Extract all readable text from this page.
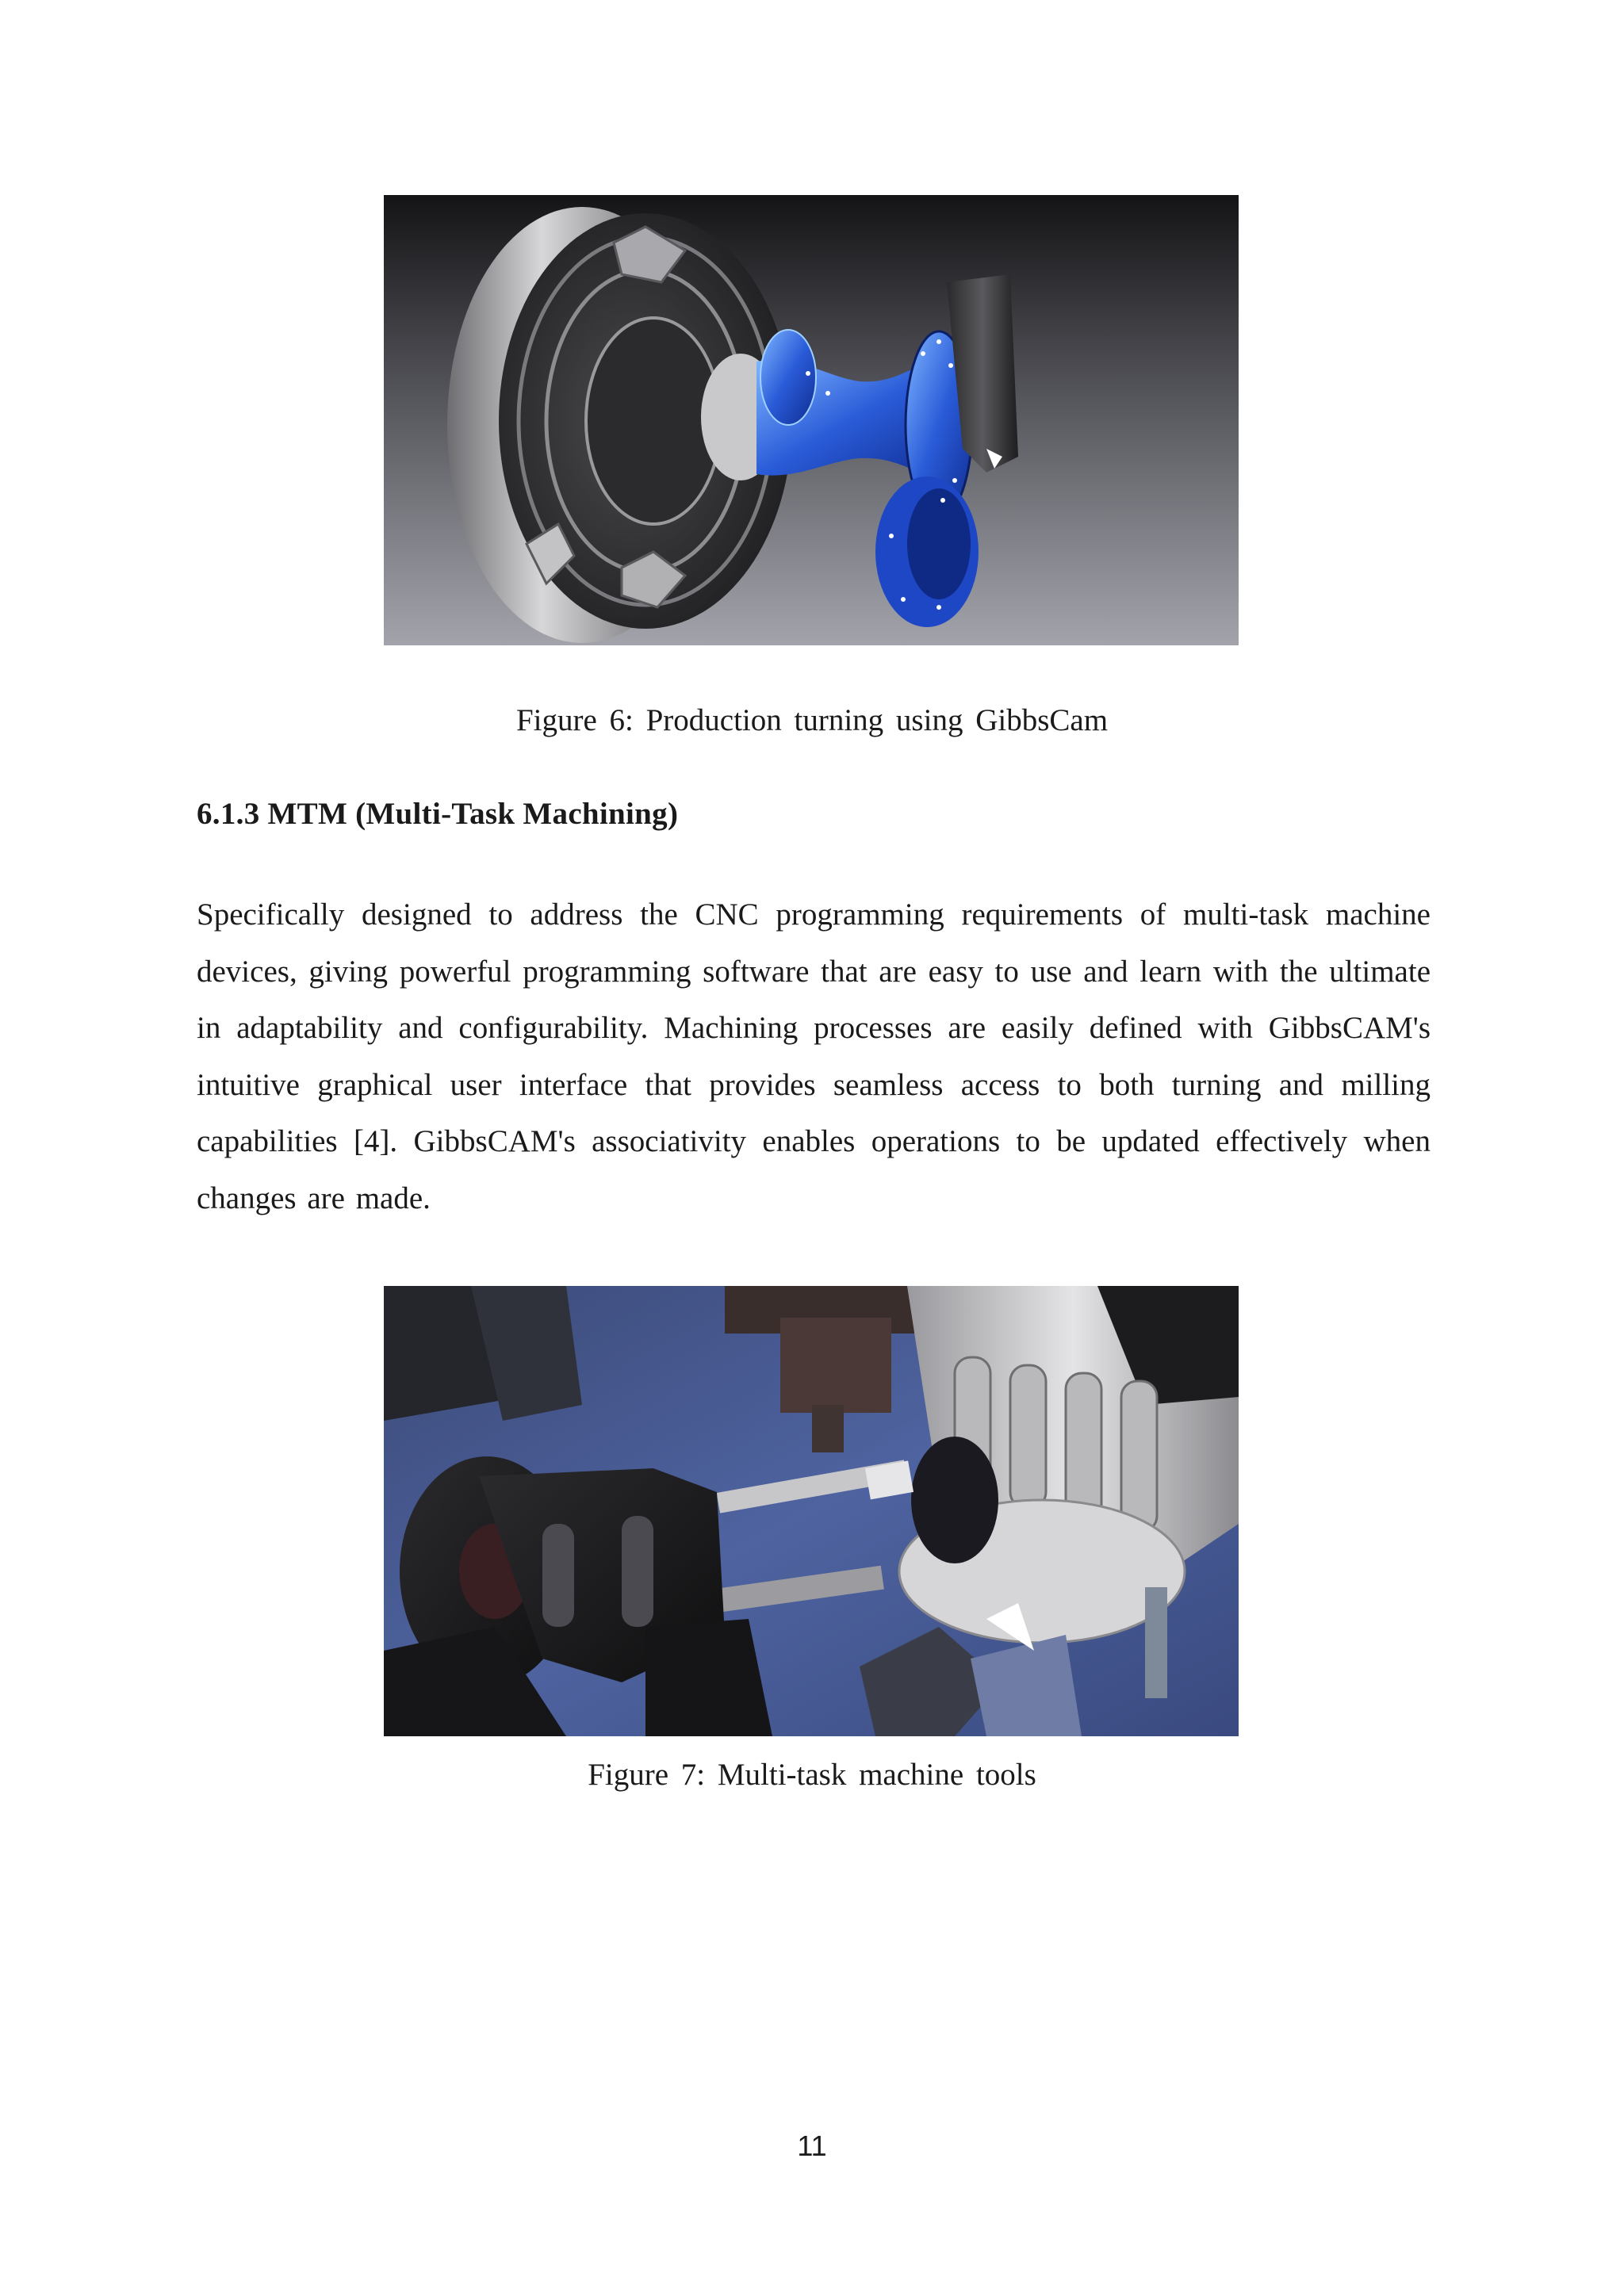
Figure 6: Production turning using GibbsCam
6.1.3 MTM (Multi-Task Machining)
Specifically designed to address the CNC programming requirements of multi-task machine devices, giving powerful programming software that are easy to use and learn with the ultimate in adaptability and configurability. Machining processes are easily defined with GibbsCAM's intuitive graphical user interface that provides seamless access to both turning and milling capabilities [4]. GibbsCAM's associativity enables operations to be updated effectively when changes are made.
Figure 7: Multi-task machine tools
11
